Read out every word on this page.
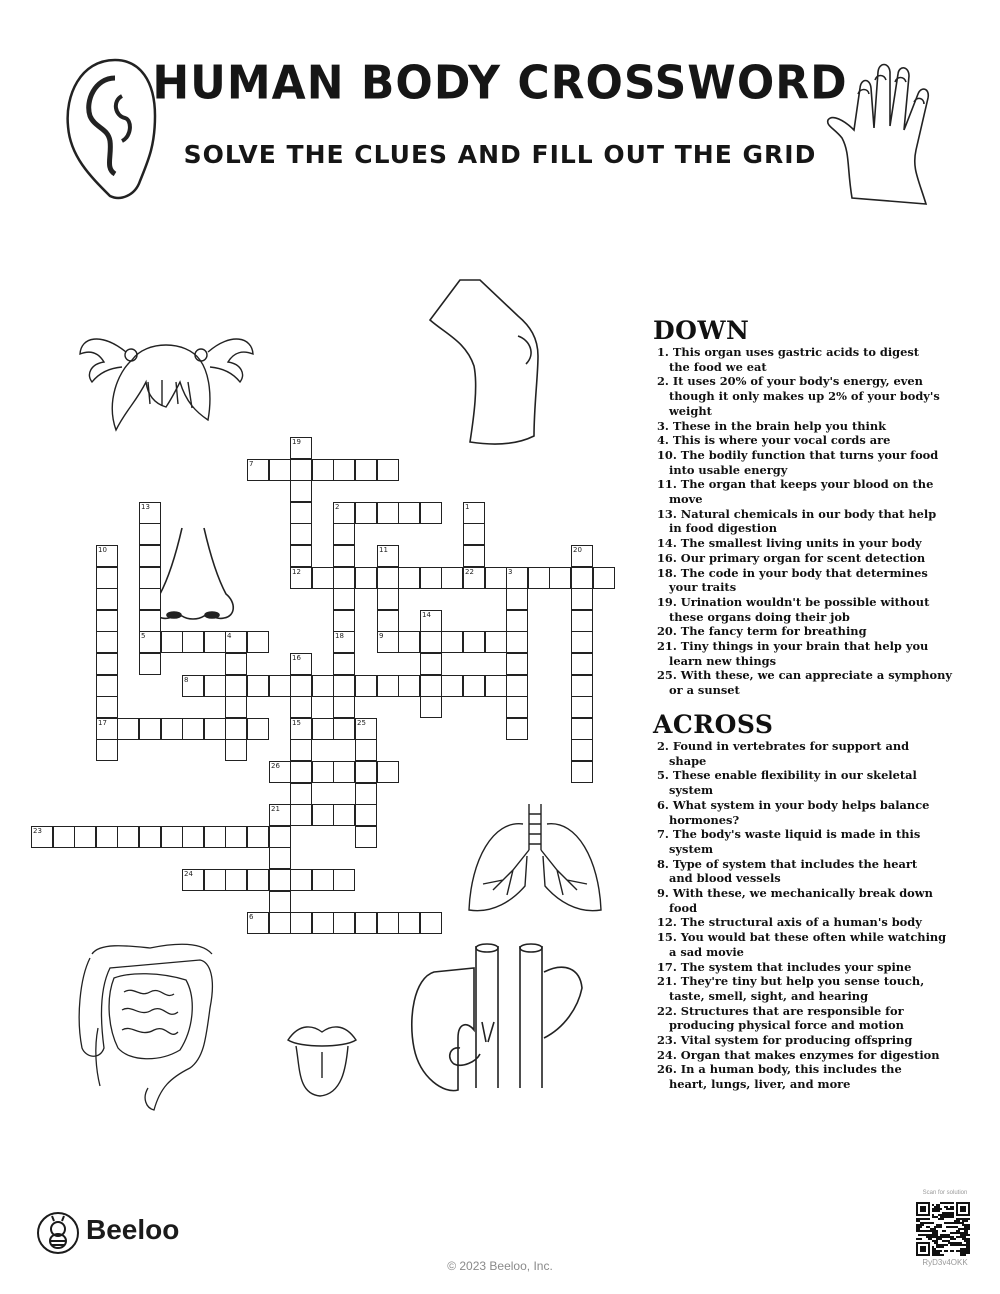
HUMAN BODY CROSSWORD
SOLVE THE CLUES AND FILL OUT THE GRID
7
19
12
13
5
2	1
22
10
17
11
9
20
3
14
4	18
8
16
15	25
26
21
23
24
6
DOWN
1. This organ uses gastric acids to digest
the food we eat
2. It uses 20% of your body's energy, even
though it only makes up 2% of your body's
weight
3. These in the brain help you think
4. This is where your vocal cords are
10. The bodily function that turns your food
into usable energy
11. The organ that keeps your blood on the
move
13. Natural chemicals in our body that help
in food digestion
14. The smallest living units in your body
16. Our primary organ for scent detection
18. The code in your body that determines
your traits
19. Urination wouldn't be possible without
these organs doing their job
20. The fancy term for breathing
21. Tiny things in your brain that help you
learn new things
25. With these, we can appreciate a symphony
or a sunset
ACROSS
2. Found in vertebrates for support and
shape
5. These enable flexibility in our skeletal
system
6. What system in your body helps balance
hormones?
7. The body's waste liquid is made in this
system
8. Type of system that includes the heart
and blood vessels
9. With these, we mechanically break down
food
12. The structural axis of a human's body
15. You would bat these often while watching
a sad movie
17. The system that includes your spine
21. They're tiny but help you sense touch,
taste, smell, sight, and hearing
22. Structures that are responsible for
producing physical force and motion
23. Vital system for producing offspring
24. Organ that makes enzymes for digestion
26. In a human body, this includes the
heart, lungs, liver, and more
Beeloo
© 2023 Beeloo, Inc.
Scan for solution
RyD3v4OKK
